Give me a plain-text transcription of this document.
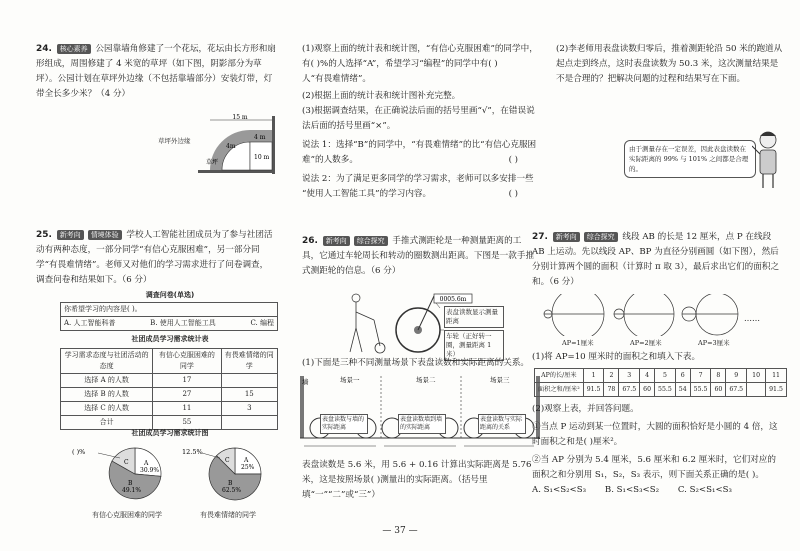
24. 核心素养 公园靠墙角修建了一个花坛，花坛由长方形和扇形组成，周围修建了 4 米宽的草坪（如下图，阴影部分为草坪）。公园计划在草坪外边缘（不包括靠墙部分）安装灯带，灯带全长多少米？（4 分）

15 m
4 m
10 m
4m
草坪
草坪外边缘

25. 新考向 情境体验 学校人工智能社团成员为了参与社团活动有两种态度，一部分同学“有信心克服困难”，另一部分同学“有畏难情绪”。老师又对他们的学习需求进行了问卷调查，调查问卷和结果如下。（6 分）

调查问卷(单选)
你希望学习的内容是( )。
A. 人工智能科普	B. 使用人工智能工具	C. 编程
社团成员学习需求统计表
学习需求态度与社团活动的态度	有信心克服困难的同学	有畏难情绪的同学
选择 A 的人数	17	
选择 B 的人数	27	15
选择 C 的人数	11	3
合计	55	
社团成员学习需求统计图
A
30.9%
B
49.1%
C
( )%
有信心克服困难的同学
A
25%
B
62.5%
C
12.5%
有畏难情绪的同学

(1)观察上面的统计表和统计图，“有信心克服困难”的同学中，

有( )%的人选择“A”，希望学习“编程”的同学中有( )

人“有畏难情绪”。

(2)根据上面的统计表和统计图补充完整。

(3)根据调查结果，在正确说法后面的括号里画“√”，在错误说

法后面的括号里画“×”。

说法 1：选择“B”的同学中，“有畏难情绪”的比“有信心克服困

难”的人数多。	( )

说法 2：为了满足更多同学的学习需求，老师可以多安排一些

“使用人工智能工具”的学习内容。	( )

26. 新考向 综合探究 手推式测距轮是一种测量距离的工具，它通过车轮周长和转动的圈数测出距离。下图是一款手推式测距轮的信息。（6 分）

0005.6m
表盘读数显示测量距离
车轮（正好转一圈，测量距离 1 米）

(1)下面是三种不同测量场景下表盘读数和实际距离的关系。

墙	场景一	场景二	场景三
表盘读数与墙的实际距离
表盘读数墙到墙的实际距离
表盘读数与实际距离的关系

表盘读数是 5.6 米，用 5.6 + 0.16 计算出实际距离是 5.76 米，这是按照场景( )测量出的实际距离。（括号里填“一”“二”或“三”）

(2)李老师用表盘读数归零后，推着测距轮沿 50 米的跑道从起点走到终点，这时表盘读数为 50.3 米，这次测量结果是不是合理的？把解决问题的过程和结果写在下面。

由于测量存在一定误差，因此表盘读数在实际距离的 99% 与 101% 之间都是合理的。

27. 新考向 综合探究 线段 AB 的长是 12 厘米，点 P 在线段 AB 上运动。先以线段 AP、BP 为直径分别画圆（如下图），然后分别计算两个圆的面积（计算时 π 取 3），最后求出它们的面积之和。（6 分）

AP=1厘米	AP=2厘米	AP=3厘米
……

(1)将 AP=10 厘米时的面积之和填入下表。

AP的长/厘米	1	2	3	4	5	6	7	8	9	10	11
面积之和/厘米²	91.5	78	67.5	60	55.5	54	55.5	60	67.5		91.5

(2)观察上表，并回答问题。

①当点 P 运动到某一位置时，大圆的面积恰好是小圆的 4 倍，这时面积之和是( )厘米²。

②当 AP 分别为 5.4 厘米，5.6 厘米和 6.2 厘米时，它们对应的面积之和分别用 S₁，S₂，S₃ 表示，则下面关系正确的是( )。

A. S₁<S₂<S₃ B. S₁<S₃<S₂ C. S₂<S₁<S₃

— 37 —
